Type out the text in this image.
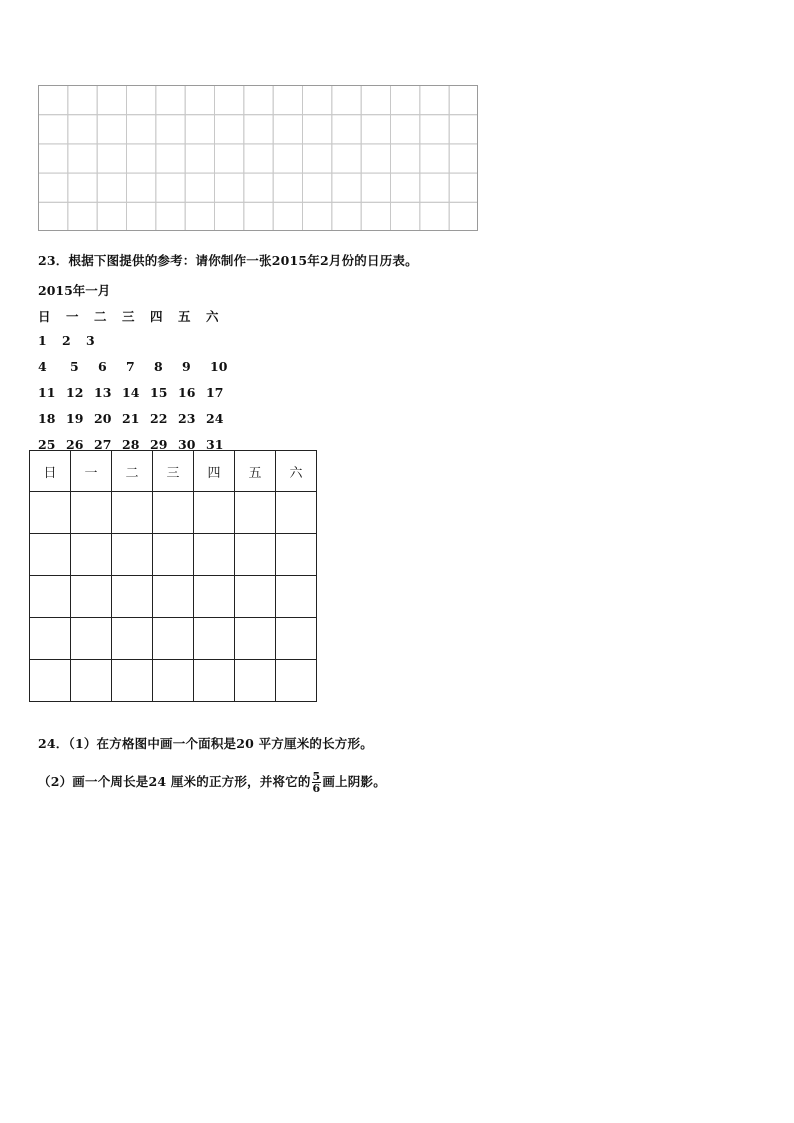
23．根据下图提供的参考：请你制作一张2015年2月份的日历表。
2015年一月
日	一	二	三	四	五	六
1	2	3
4	5	6	7	8	9	10
11 12 13 14 15 16 17
18 19 20 21 22 23 24
25 26 27 28 29 30 31
日	一	二	三	四	五	六

24．（1）在方格图中画一个面积是20 平方厘米的长方形。
（2）画一个周长是24 厘米的正方形，并将它的 $\frac{5}{6}$ 画上阴影。
